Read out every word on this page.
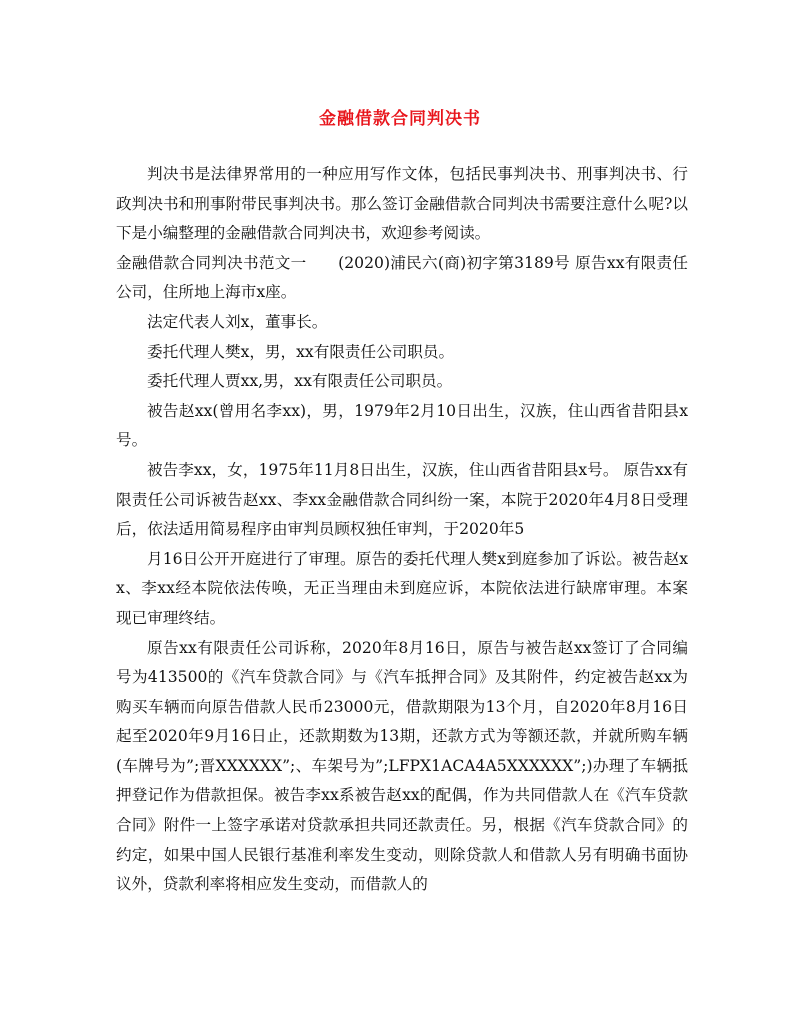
金融借款合同判决书

判决书是法律界常用的一种应用写作文体，包括民事判决书、刑事判决书、行政判决书和刑事附带民事判决书。那么签订金融借款合同判决书需要注意什么呢?以下是小编整理的金融借款合同判决书，欢迎参考阅读。

金融借款合同判决书范文一　　(2020)浦民六(商)初字第3189号 原告xx有限责任公司，住所地上海市x座。

法定代表人刘x，董事长。

委托代理人樊x，男，xx有限责任公司职员。

委托代理人贾xx,男，xx有限责任公司职员。

被告赵xx(曾用名李xx)，男，1979年2月10日出生，汉族，住山西省昔阳县x号。

被告李xx，女，1975年11月8日出生，汉族，住山西省昔阳县x号。 原告xx有限责任公司诉被告赵xx、李xx金融借款合同纠纷一案，本院于2020年4月8日受理后，依法适用简易程序由审判员顾权独任审判，于2020年5

月16日公开开庭进行了审理。原告的委托代理人樊x到庭参加了诉讼。被告赵xx、李xx经本院依法传唤，无正当理由未到庭应诉，本院依法进行缺席审理。本案现已审理终结。

原告xx有限责任公司诉称，2020年8月16日，原告与被告赵xx签订了合同编号为413500的《汽车贷款合同》与《汽车抵押合同》及其附件，约定被告赵xx为购买车辆而向原告借款人民币23000元，借款期限为13个月，自2020年8月16日起至2020年9月16日止，还款期数为13期，还款方式为等额还款，并就所购车辆(车牌号为”;晋XXXXXX”;、车架号为”;LFPX1ACA4A5XXXXXX”;)办理了车辆抵押登记作为借款担保。被告李xx系被告赵xx的配偶，作为共同借款人在《汽车贷款合同》附件一上签字承诺对贷款承担共同还款责任。另，根据《汽车贷款合同》的约定，如果中国人民银行基准利率发生变动，则除贷款人和借款人另有明确书面协议外，贷款利率将相应发生变动，而借款人的
